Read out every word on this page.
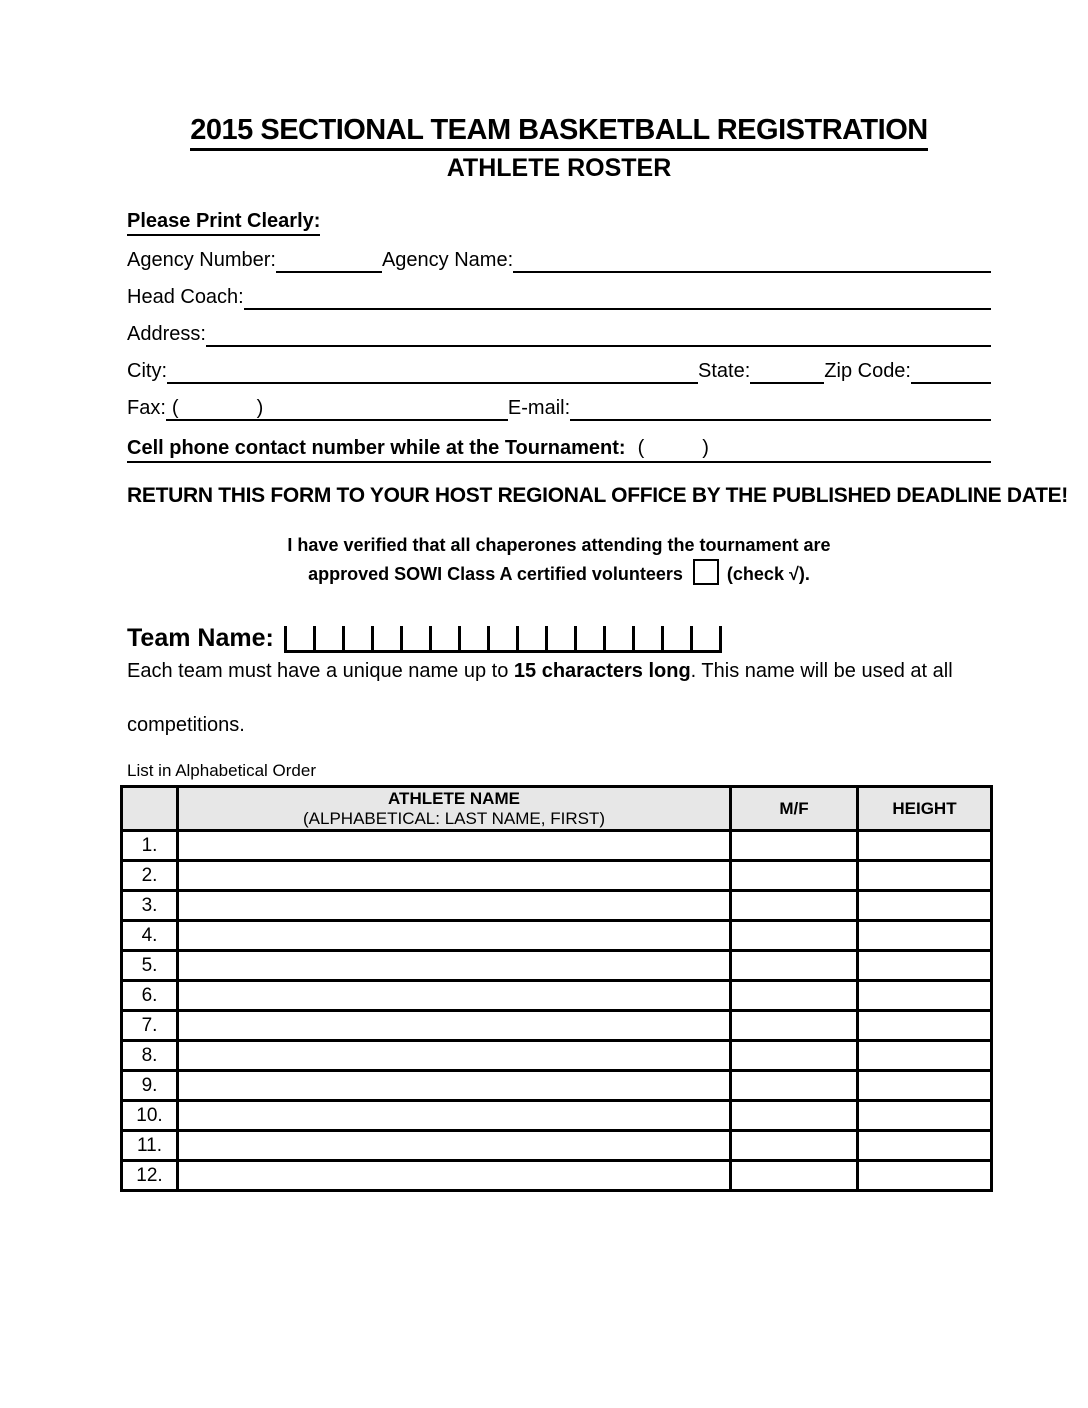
2015 SECTIONAL TEAM BASKETBALL REGISTRATION
ATHLETE ROSTER
Please Print Clearly:
Agency Number:	Agency Name:
Head Coach:
Address:
City:	State:	Zip Code:
Fax: (	)	E-mail:
Cell phone contact number while at the Tournament: (	)
RETURN THIS FORM TO YOUR HOST REGIONAL OFFICE BY THE PUBLISHED DEADLINE DATE!
I have verified that all chaperones attending the tournament are
approved SOWI Class A certified volunteers (check √).
Team Name:
Each team must have a unique name up to 15 characters long. This name will be used at all
competitions.
List in Alphabetical Order

	ATHLETE NAME
(ALPHABETICAL: LAST NAME, FIRST)	M/F	HEIGHT
1.			
2.			
3.			
4.			
5.			
6.			
7.			
8.			
9.			
10.			
11.			
12.			
